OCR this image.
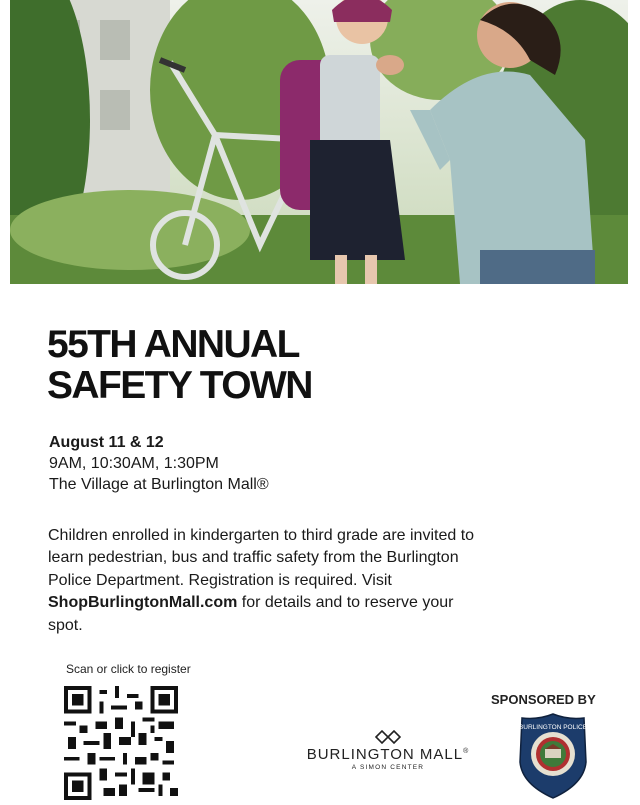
55TH ANNUAL
SAFETY TOWN
August 11 & 12
9AM, 10:30AM, 1:30PM
The Village at Burlington Mall®

Children enrolled in kindergarten to third grade are invited to learn pedestrian, bus and traffic safety from the Burlington Police Department. Registration is required. Visit ShopBurlingtonMall.com for details and to reserve your spot.

Scan or click to register
BURLINGTON MALL®
A SIMON CENTER
SPONSORED BY
BURLINGTON POLICE
